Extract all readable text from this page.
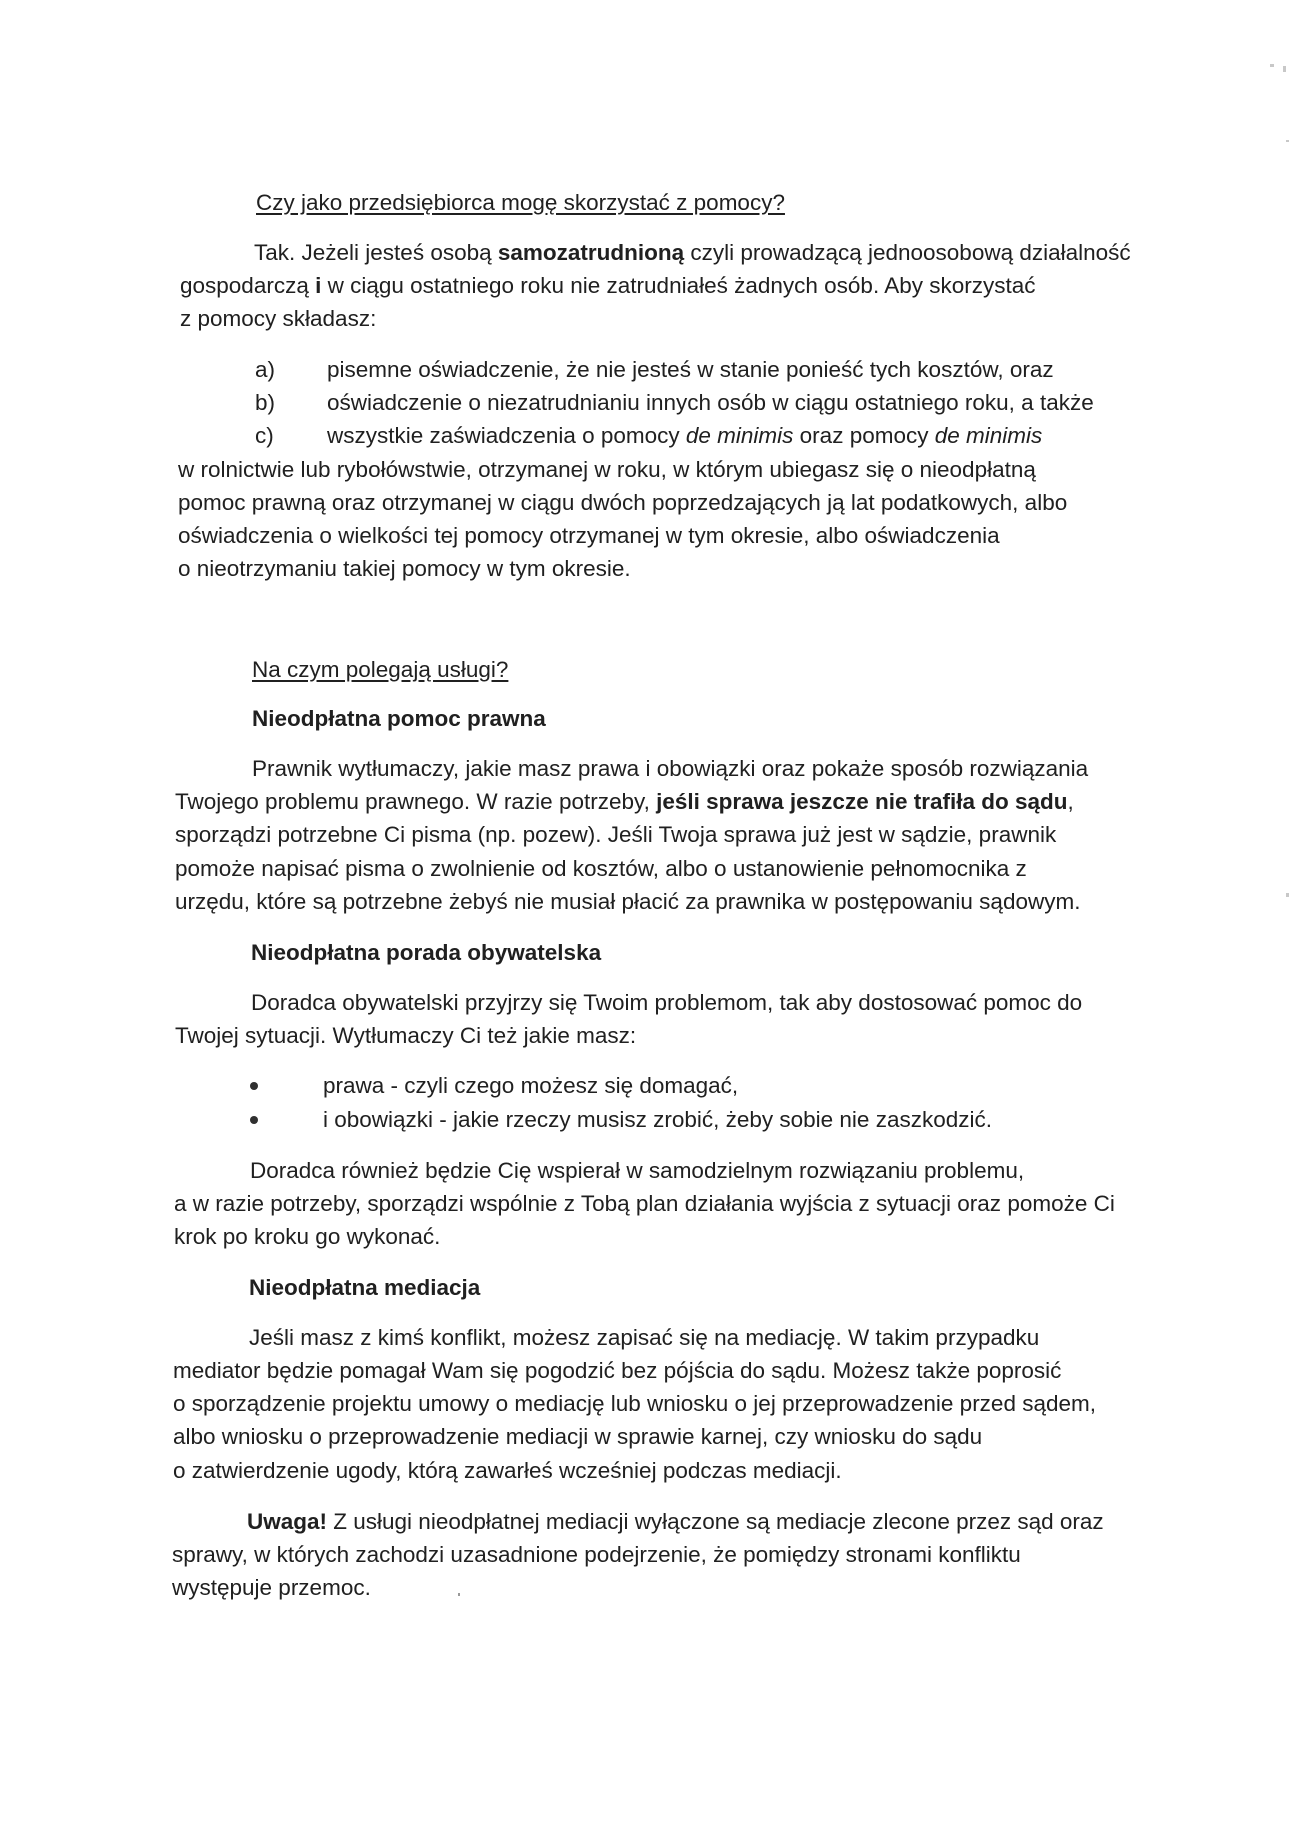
Czy jako przedsiębiorca mogę skorzystać z pomocy?
Tak. Jeżeli jesteś osobą samozatrudnioną czyli prowadzącą jednoosobową działalność
gospodarczą i w ciągu ostatniego roku nie zatrudniałeś żadnych osób. Aby skorzystać
z pomocy składasz:
a) pisemne oświadczenie, że nie jesteś w stanie ponieść tych kosztów, oraz
b) oświadczenie o niezatrudnianiu innych osób w ciągu ostatniego roku, a także
c) wszystkie zaświadczenia o pomocy de minimis oraz pomocy de minimis
w rolnictwie lub rybołówstwie, otrzymanej w roku, w którym ubiegasz się o nieodpłatną
pomoc prawną oraz otrzymanej w ciągu dwóch poprzedzających ją lat podatkowych, albo
oświadczenia o wielkości tej pomocy otrzymanej w tym okresie, albo oświadczenia
o nieotrzymaniu takiej pomocy w tym okresie.
Na czym polegają usługi?
Nieodpłatna pomoc prawna
Prawnik wytłumaczy, jakie masz prawa i obowiązki oraz pokaże sposób rozwiązania
Twojego problemu prawnego. W razie potrzeby, jeśli sprawa jeszcze nie trafiła do sądu,
sporządzi potrzebne Ci pisma (np. pozew). Jeśli Twoja sprawa już jest w sądzie, prawnik
pomoże napisać pisma o zwolnienie od kosztów, albo o ustanowienie pełnomocnika z
urzędu, które są potrzebne żebyś nie musiał płacić za prawnika w postępowaniu sądowym.
Nieodpłatna porada obywatelska
Doradca obywatelski przyjrzy się Twoim problemom, tak aby dostosować pomoc do
Twojej sytuacji. Wytłumaczy Ci też jakie masz:
prawa - czyli czego możesz się domagać,
i obowiązki - jakie rzeczy musisz zrobić, żeby sobie nie zaszkodzić.
Doradca również będzie Cię wspierał w samodzielnym rozwiązaniu problemu,
a w razie potrzeby, sporządzi wspólnie z Tobą plan działania wyjścia z sytuacji oraz pomoże Ci
krok po kroku go wykonać.
Nieodpłatna mediacja
Jeśli masz z kimś konflikt, możesz zapisać się na mediację. W takim przypadku
mediator będzie pomagał Wam się pogodzić bez pójścia do sądu. Możesz także poprosić
o sporządzenie projektu umowy o mediację lub wniosku o jej przeprowadzenie przed sądem,
albo wniosku o przeprowadzenie mediacji w sprawie karnej, czy wniosku do sądu
o zatwierdzenie ugody, którą zawarłeś wcześniej podczas mediacji.
Uwaga! Z usługi nieodpłatnej mediacji wyłączone są mediacje zlecone przez sąd oraz
sprawy, w których zachodzi uzasadnione podejrzenie, że pomiędzy stronami konfliktu
występuje przemoc.
